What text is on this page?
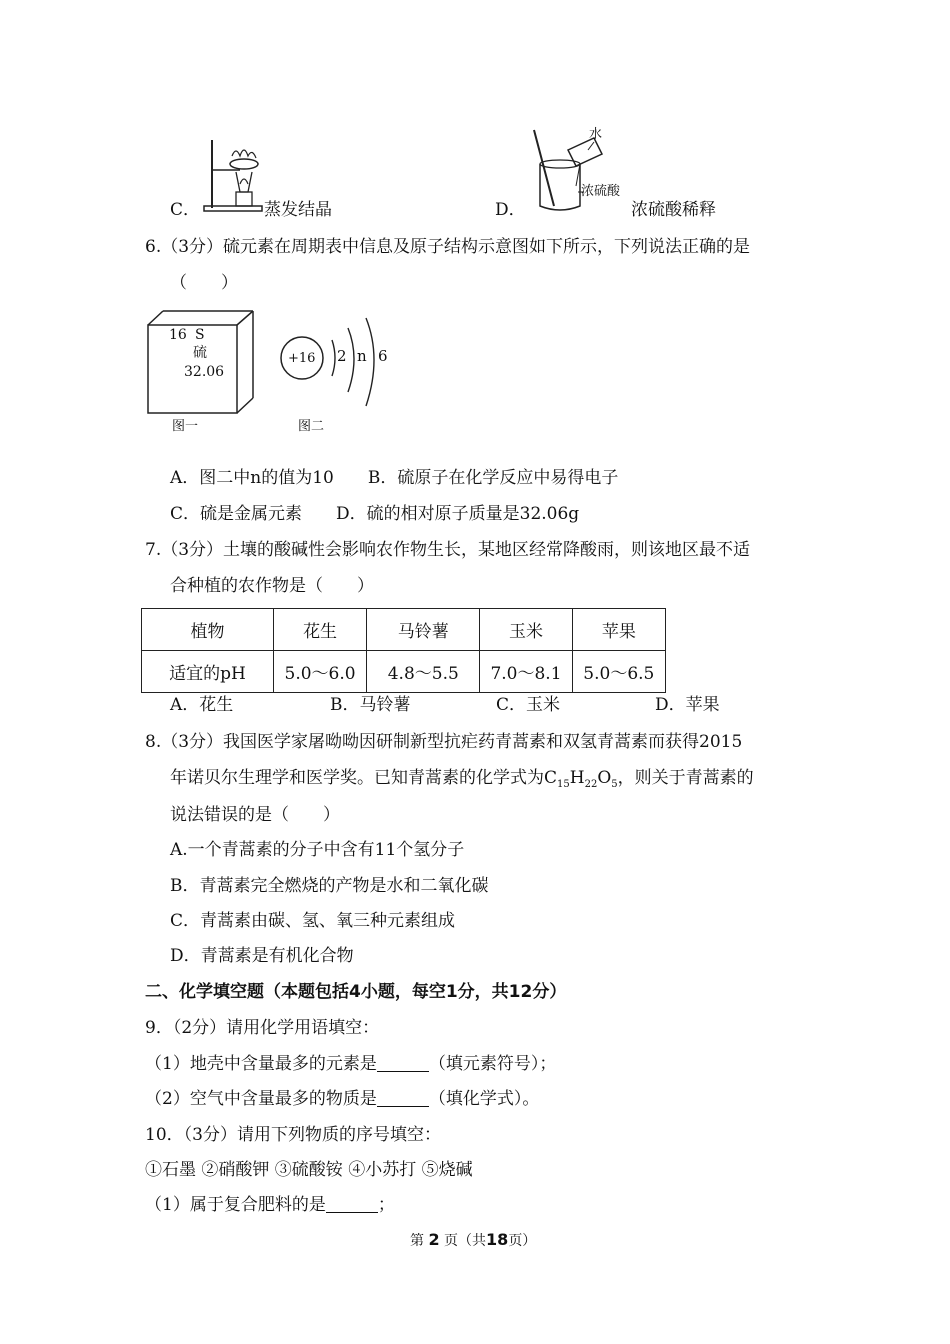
C．	蒸发结晶	D．
水
浓硫酸
浓硫酸稀释
6.（3分）硫元素在周期表中信息及原子结构示意图如下所示，下列说法正确的是
（　　）
16 S
硫
32.06
图一
+16 2 n 6
图二
A．图二中n的值为10　　B．硫原子在化学反应中易得电子
C．硫是金属元素　　D．硫的相对原子质量是32.06g
7.（3分）土壤的酸碱性会影响农作物生长，某地区经常降酸雨，则该地区最不适
合种植的农作物是（　　）
植物	花生	马铃薯	玉米	苹果
适宜的pH	5.0～6.0	4.8～5.5	7.0～8.1	5.0～6.5
A．花生	B．马铃薯	C．玉米	D．苹果
8.（3分）我国医学家屠呦呦因研制新型抗疟药青蒿素和双氢青蒿素而获得2015
年诺贝尔生理学和医学奖。已知青蒿素的化学式为$C_{15}H_{22}O_5$，则关于青蒿素的
说法错误的是（　　）
A.一个青蒿素的分子中含有11个氢分子
B．青蒿素完全燃烧的产物是水和二氧化碳
C．青蒿素由碳、氢、氧三种元素组成
D．青蒿素是有机化合物
二、化学填空题（本题包括4小题，每空1分，共12分）
9．（2分）请用化学用语填空：
（1）地壳中含量最多的元素是	（填元素符号）；
（2）空气中含量最多的物质是	（填化学式）。
10．（3分）请用下列物质的序号填空：
①石墨 ②硝酸钾 ③硫酸铵 ④小苏打 ⑤烧碱
（1）属于复合肥料的是	；
第 2 页（共18页）
